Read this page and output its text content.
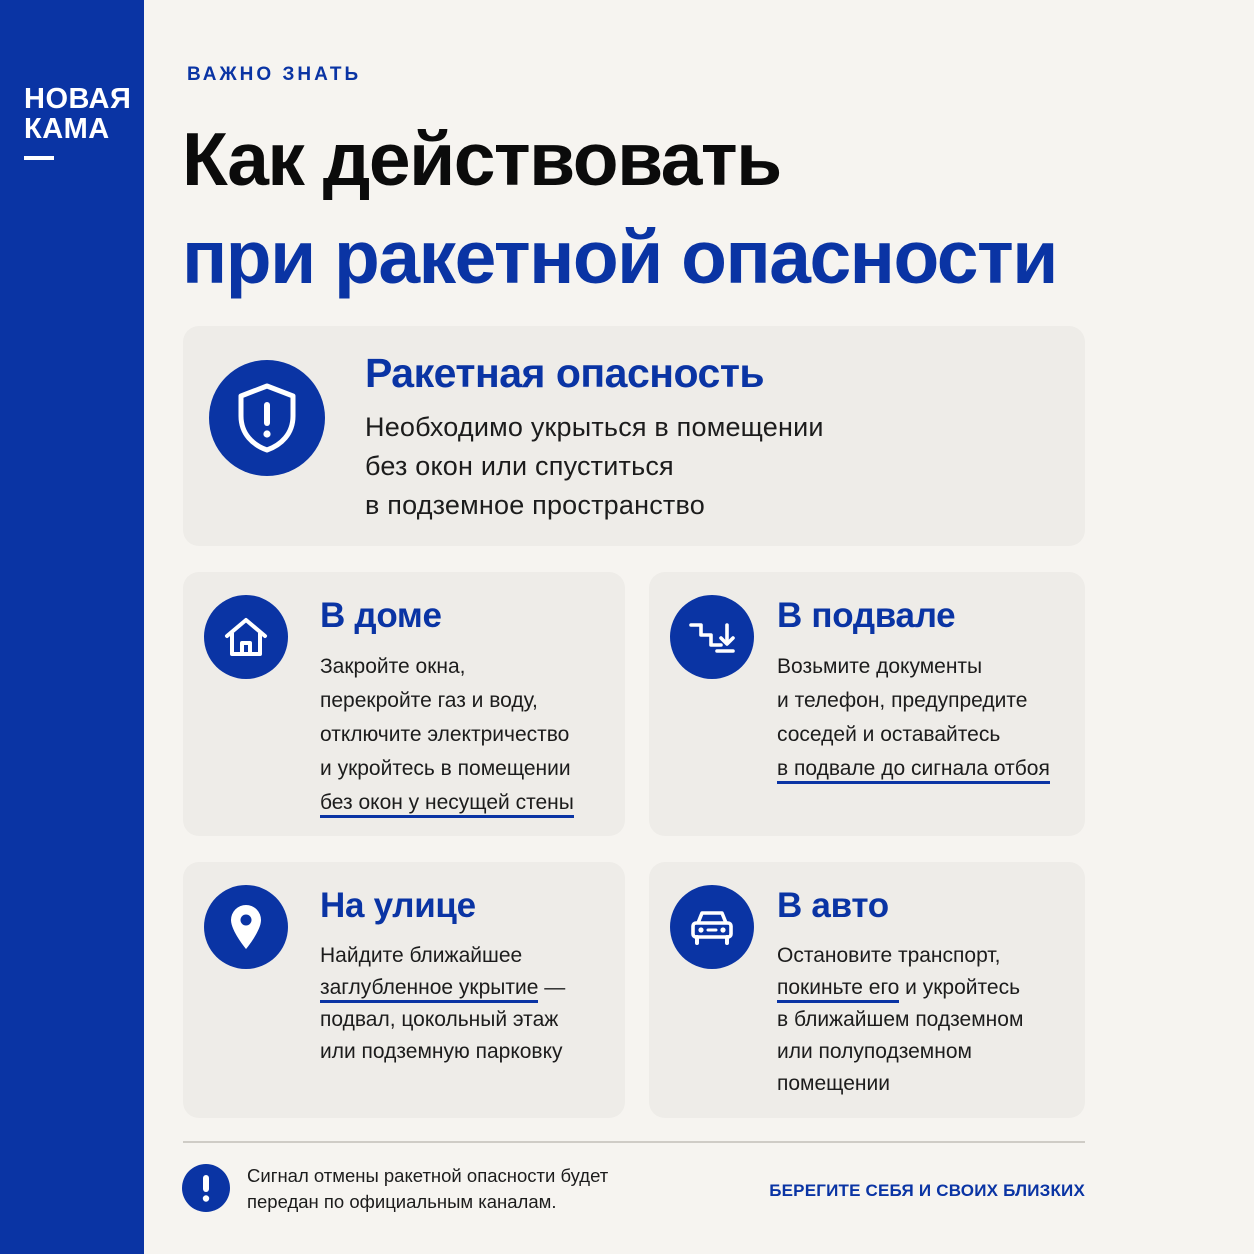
НОВАЯ
КАМА
ВАЖНО ЗНАТЬ
Как действовать
при ракетной опасности
Ракетная опасность
Необходимо укрыться в помещении
без окон или спуститься
в подземное пространство
В доме
Закройте окна,
перекройте газ и воду,
отключите электричество
и укройтесь в помещении
без окон у несущей стены
В подвале
Возьмите документы
и телефон, предупредите
соседей и оставайтесь
в подвале до сигнала отбоя
На улице
Найдите ближайшее
заглубленное укрытие —
подвал, цокольный этаж
или подземную парковку
В авто
Остановите транспорт,
покиньте его и укройтесь
в ближайшем подземном
или полуподземном
помещении
Сигнал отмены ракетной опасности будет
передан по официальным каналам.
БЕРЕГИТЕ СЕБЯ И СВОИХ БЛИЗКИХ
